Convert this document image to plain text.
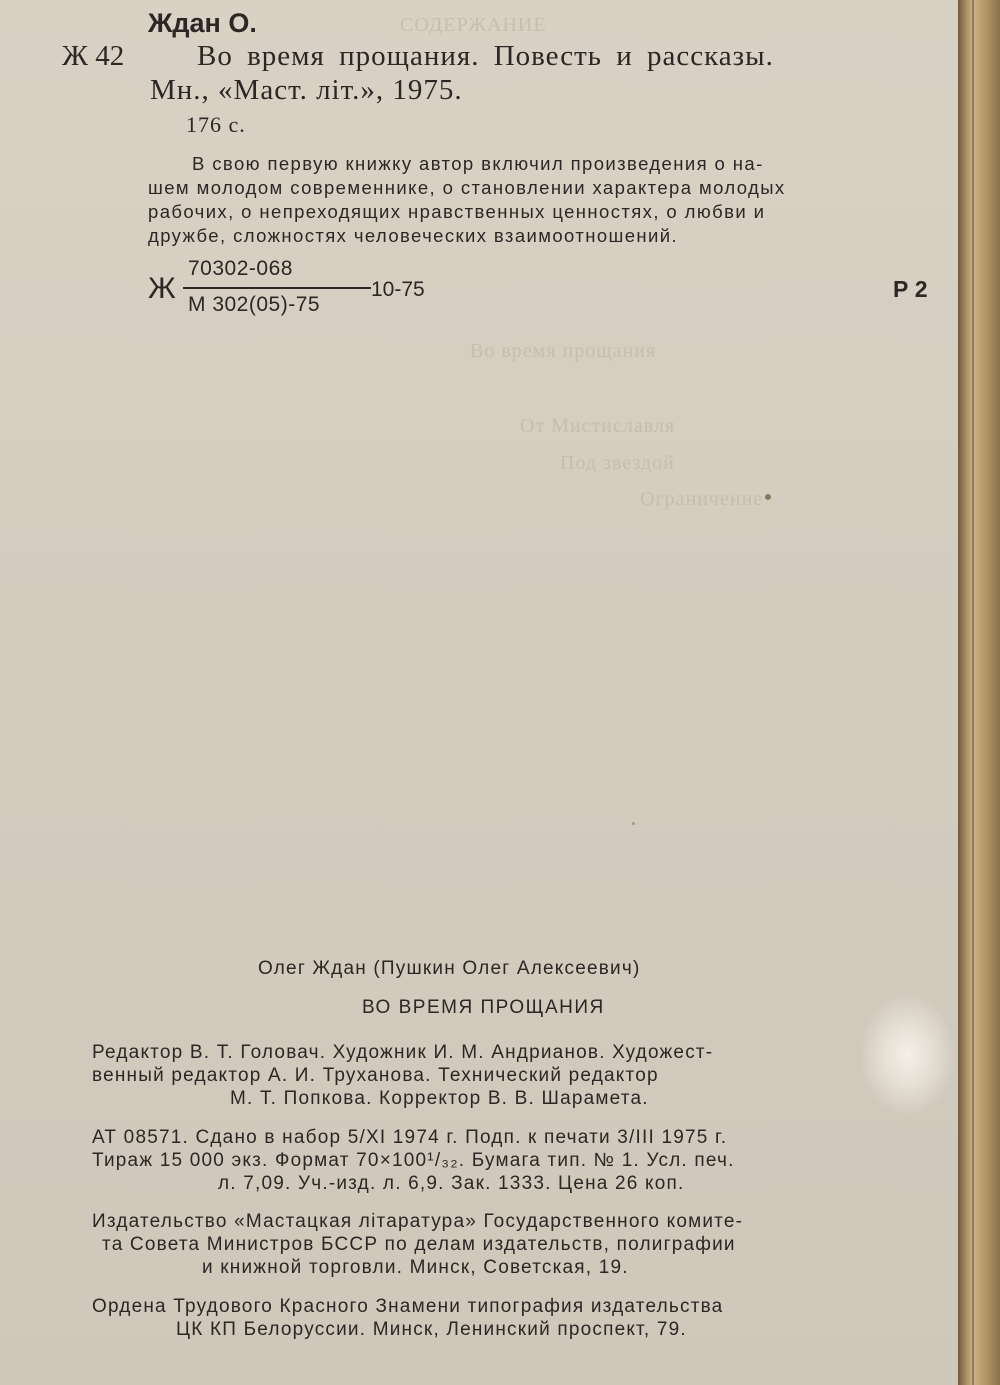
СОДЕРЖАНИЕ
Во время прощания
От Мистиславля
Под звездой
Ограничение
Ждан О.
Ж 42	Во время прощания. Повесть и рассказы.
Мн., «Маст. літ.», 1975.
176 с.
В свою первую книжку автор включил произведения о на-
шем молодом современнике, о становлении характера молодых
рабочих, о непреходящих нравственных ценностях, о любви и
дружбе, сложностях человеческих взаимоотношений.
Ж
70302-068
М 302(05)-75
10-75	Р 2
Олег Ждан (Пушкин Олег Алексеевич)
ВО ВРЕМЯ ПРОЩАНИЯ
Редактор В. Т. Головач. Художник И. М. Андрианов. Художест-
венный редактор А. И. Труханова. Технический редактор
М. Т. Попкова. Корректор В. В. Шарамета.
АТ 08571. Сдано в набор 5/XI 1974 г. Подп. к печати 3/III 1975 г.
Тираж 15 000 экз. Формат 70×100¹/₃₂. Бумага тип. № 1. Усл. печ.
л. 7,09. Уч.-изд. л. 6,9. Зак. 1333. Цена 26 коп.
Издательство «Мастацкая літаратура» Государственного комите-
та Совета Министров БССР по делам издательств, полиграфии
и книжной торговли. Минск, Советская, 19.
Ордена Трудового Красного Знамени типография издательства
ЦК КП Белоруссии. Минск, Ленинский проспект, 79.
